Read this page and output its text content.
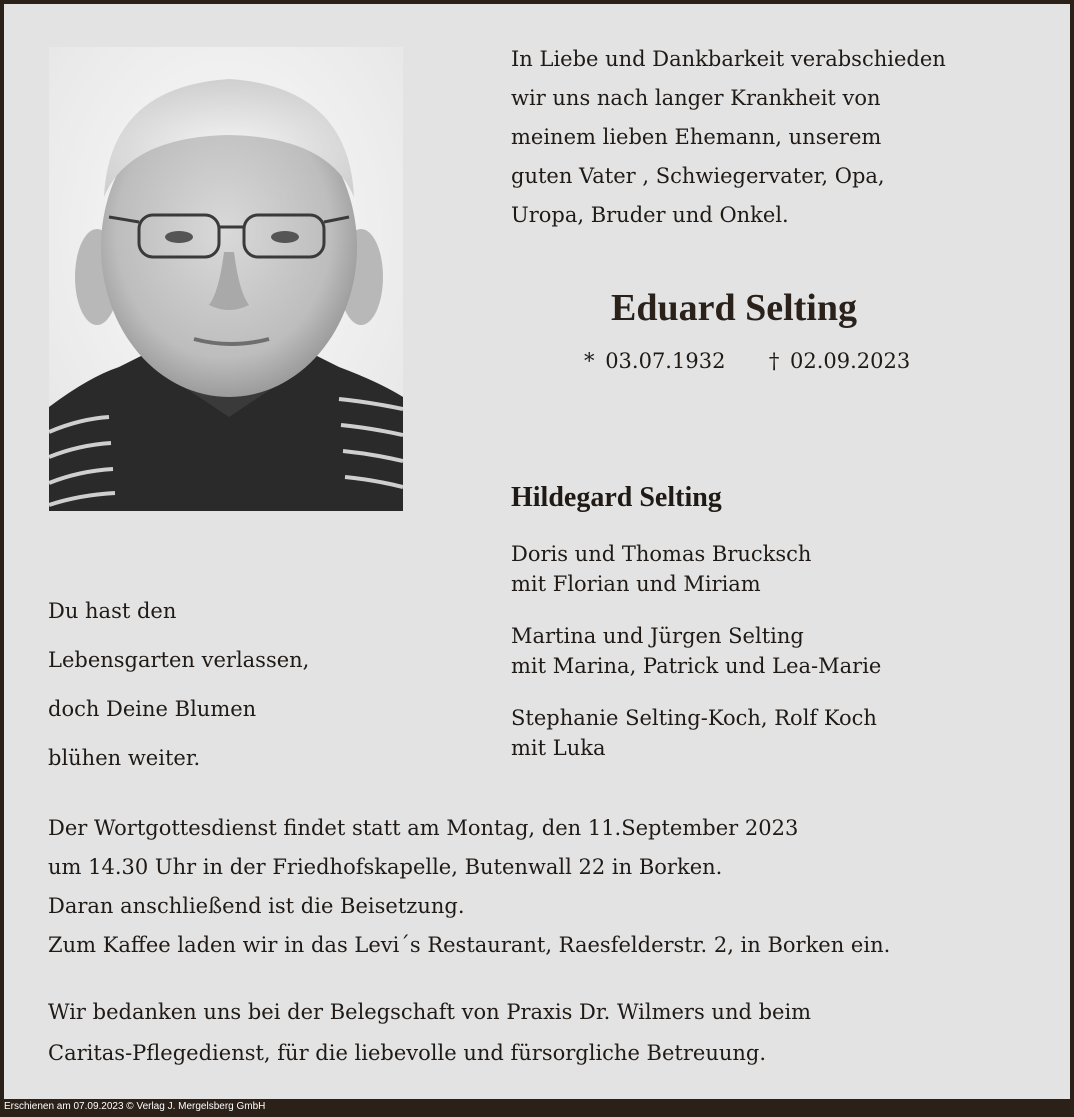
In Liebe und Dankbarkeit verabschieden
wir uns nach langer Krankheit von
meinem lieben Ehemann, unserem
guten Vater , Schwiegervater, Opa,
Uropa, Bruder und Onkel.
Eduard Selting
* 03.07.1932 † 02.09.2023
Hildegard Selting
Doris und Thomas Brucksch
mit Florian und Miriam
Martina und Jürgen Selting
mit Marina, Patrick und Lea-Marie
Stephanie Selting-Koch, Rolf Koch
mit Luka
Du hast den
Lebensgarten verlassen,
doch Deine Blumen
blühen weiter.
Der Wortgottesdienst findet statt am Montag, den 11.September 2023
um 14.30 Uhr in der Friedhofskapelle, Butenwall 22 in Borken.
Daran anschließend ist die Beisetzung.
Zum Kaffee laden wir in das Levi´s Restaurant, Raesfelderstr. 2, in Borken ein.
Wir bedanken uns bei der Belegschaft von Praxis Dr. Wilmers und beim
Caritas-Pflegedienst, für die liebevolle und fürsorgliche Betreuung.
Erschienen am 07.09.2023 © Verlag J. Mergelsberg GmbH
